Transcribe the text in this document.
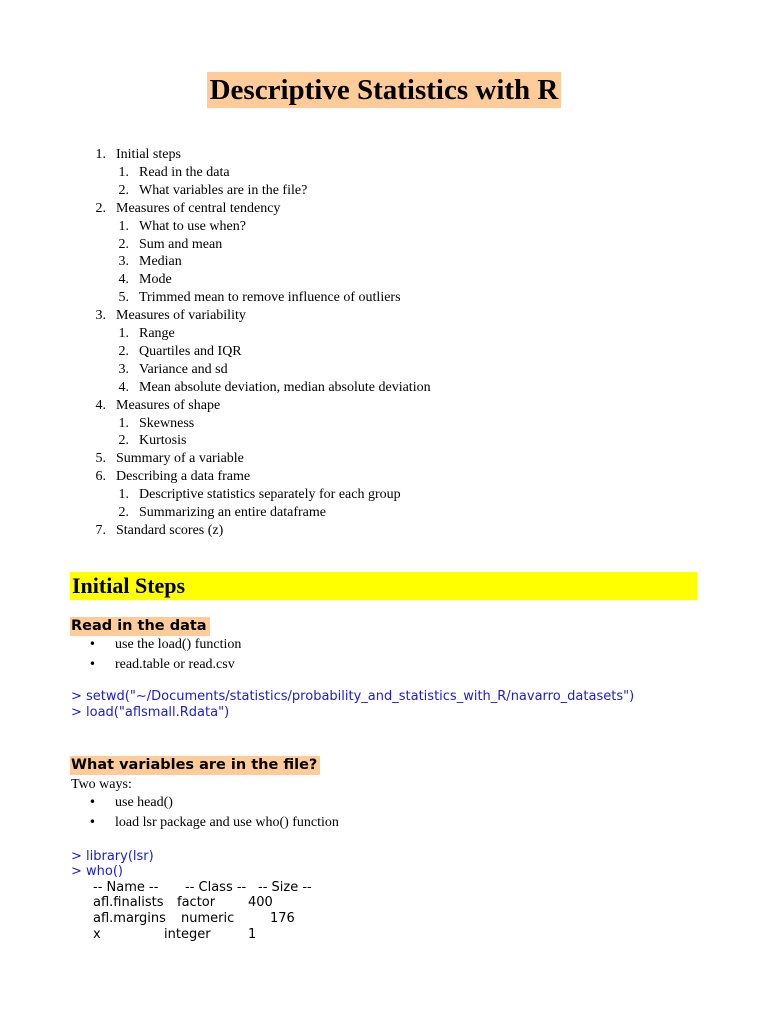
Descriptive Statistics with R
1. Initial steps
1. Read in the data
2. What variables are in the file?
2. Measures of central tendency
1. What to use when?
2. Sum and mean
3. Median
4. Mode
5. Trimmed mean to remove influence of outliers
3. Measures of variability
1. Range
2. Quartiles and IQR
3. Variance and sd
4. Mean absolute deviation, median absolute deviation
4. Measures of shape
1. Skewness
2. Kurtosis
5. Summary of a variable
6. Describing a data frame
1. Descriptive statistics separately for each group
2. Summarizing an entire dataframe
7. Standard scores (z)
Initial Steps
Read in the data
• use the load() function
• read.table or read.csv
> setwd("~/Documents/statistics/probability_and_statistics_with_R/navarro_datasets")
> load("aflsmall.Rdata")
What variables are in the file?
Two ways:
• use head()
• load lsr package and use who() function
> library(lsr)
> who()
-- Name -- -- Class -- -- Size --
afl.finalists factor	400
afl.margins numeric	176
x	integer	1
